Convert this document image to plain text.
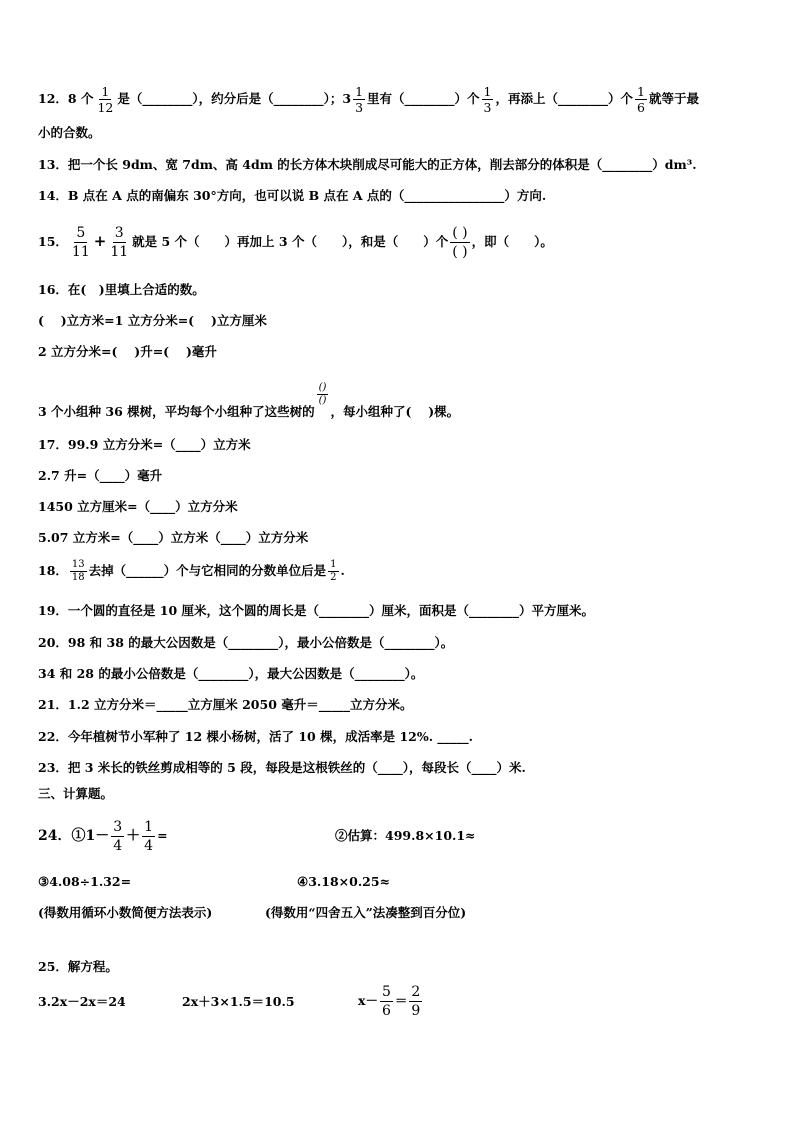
12．8 个 $\frac{1}{12}$ 是（________），约分后是（________）；$3 \frac{1}{3}$ 里有（________）个 $\frac{1}{3}$ ，再添上（________）个 $\frac{1}{6}$ 就等于最
小的合数。
13．把一个长 9dm、宽 7dm、高 4dm 的长方体木块削成尽可能大的正方体，削去部分的体积是（________）dm³.
14．B 点在 A 点的南偏东 30°方向，也可以说 B 点在 A 点的（________________）方向.
15． $\frac{5}{11} + \frac{3}{11}$ 就是 5 个（　　）再加上 3 个（　　），和是（　　）个 $\frac{( )}{( )}$ ，即（　　）。
16．在(　)里填上合适的数。
(　 )立方米=1 立方分米=(　 )立方厘米
2 立方分米=(　 )升=(　 )毫升
3 个小组种 36 棵树，平均每个小组种了这些树的
$\frac{()}{()}$
，每小组种了(　 )棵。
17．99.9 立方分米=（____）立方米
2.7 升=（____）毫升
1450 立方厘米=（____）立方分米
5.07 立方米=（____）立方米（____）立方分米
18． $\frac{13}{18}$ 去掉（______）个与它相同的分数单位后是 $\frac{1}{2}$ .
19．一个圆的直径是 10 厘米，这个圆的周长是（________）厘米，面积是（________）平方厘米。
20．98 和 38 的最大公因数是（________），最小公倍数是（________）。
34 和 28 的最小公倍数是（________），最大公因数是（________）。
21．1.2 立方分米＝_____立方厘米 2050 毫升＝_____立方分米。
22．今年植树节小军种了 12 棵小杨树，活了 10 棵，成活率是 12%. _____.
23．把 3 米长的铁丝剪成相等的 5 段，每段是这根铁丝的（____），每段长（____）米.
三、计算题。
24．①1－ $\frac{3}{4} + \frac{1}{4}$ =	②估算：499.8×10.1≈
③4.08÷1.32=	④3.18×0.25≈
(得数用循环小数简便方法表示)	(得数用“四舍五入”法凑整到百分位)
25．解方程。
3.2x－2x＝24	2x＋3×1.5＝10.5	$x- \frac{5}{6} = \frac{2}{9}$
